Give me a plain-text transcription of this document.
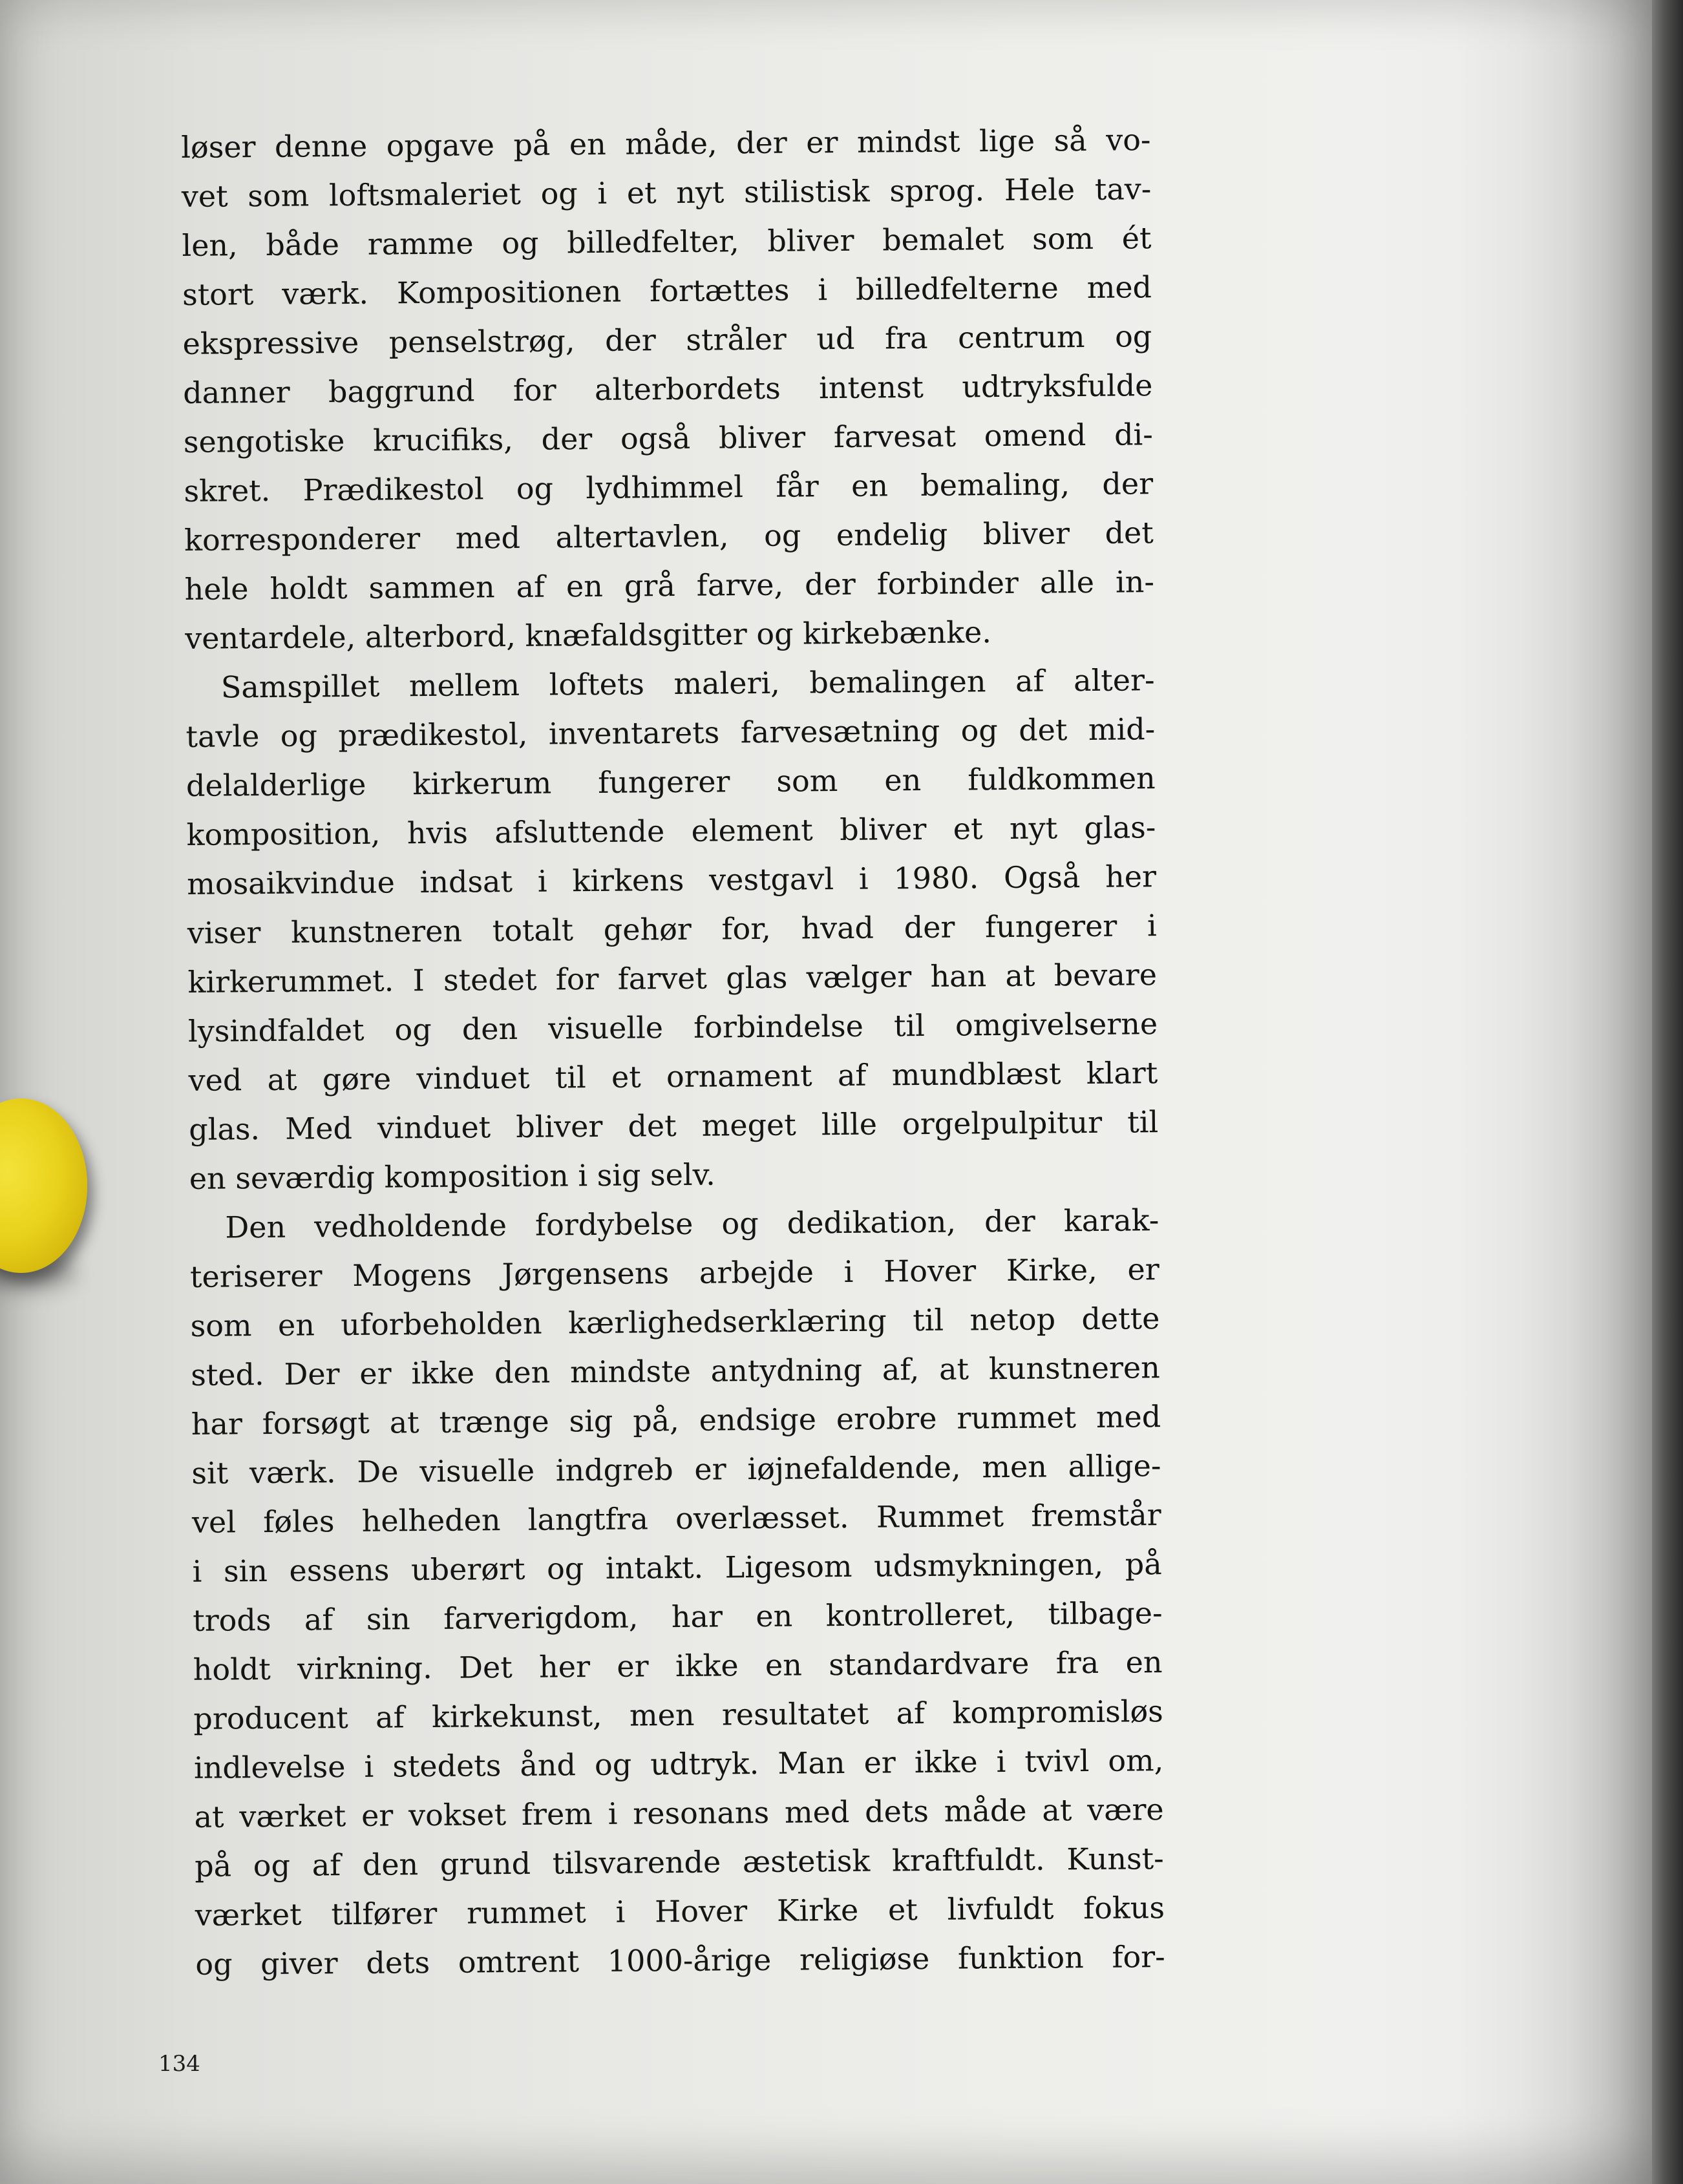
løser denne opgave på en måde, der er mindst lige så vo-

vet som loftsmaleriet og i et nyt stilistisk sprog. Hele tav-

len, både ramme og billedfelter, bliver bemalet som ét

stort værk. Kompositionen fortættes i billedfelterne med

ekspressive penselstrøg, der stråler ud fra centrum og

danner baggrund for alterbordets intenst udtryksfulde

sengotiske krucifiks, der også bliver farvesat omend di-

skret. Prædikestol og lydhimmel får en bemaling, der

korresponderer med altertavlen, og endelig bliver det

hele holdt sammen af en grå farve, der forbinder alle in-

ventardele, alterbord, knæfaldsgitter og kirkebænke.

Samspillet mellem loftets maleri, bemalingen af alter-

tavle og prædikestol, inventarets farvesætning og det mid-

delalderlige kirkerum fungerer som en fuldkommen

komposition, hvis afsluttende element bliver et nyt glas-

mosaikvindue indsat i kirkens vestgavl i 1980. Også her

viser kunstneren totalt gehør for, hvad der fungerer i

kirkerummet. I stedet for farvet glas vælger han at bevare

lysindfaldet og den visuelle forbindelse til omgivelserne

ved at gøre vinduet til et ornament af mundblæst klart

glas. Med vinduet bliver det meget lille orgelpulpitur til

en seværdig komposition i sig selv.

Den vedholdende fordybelse og dedikation, der karak-

teriserer Mogens Jørgensens arbejde i Hover Kirke, er

som en uforbeholden kærlighedserklæring til netop dette

sted. Der er ikke den mindste antydning af, at kunstneren

har forsøgt at trænge sig på, endsige erobre rummet med

sit værk. De visuelle indgreb er iøjnefaldende, men allige-

vel føles helheden langtfra overlæsset. Rummet fremstår

i sin essens uberørt og intakt. Ligesom udsmykningen, på

trods af sin farverigdom, har en kontrolleret, tilbage-

holdt virkning. Det her er ikke en standardvare fra en

producent af kirkekunst, men resultatet af kompromisløs

indlevelse i stedets ånd og udtryk. Man er ikke i tvivl om,

at værket er vokset frem i resonans med dets måde at være

på og af den grund tilsvarende æstetisk kraftfuldt. Kunst-

værket tilfører rummet i Hover Kirke et livfuldt fokus

og giver dets omtrent 1000-årige religiøse funktion for-

134
